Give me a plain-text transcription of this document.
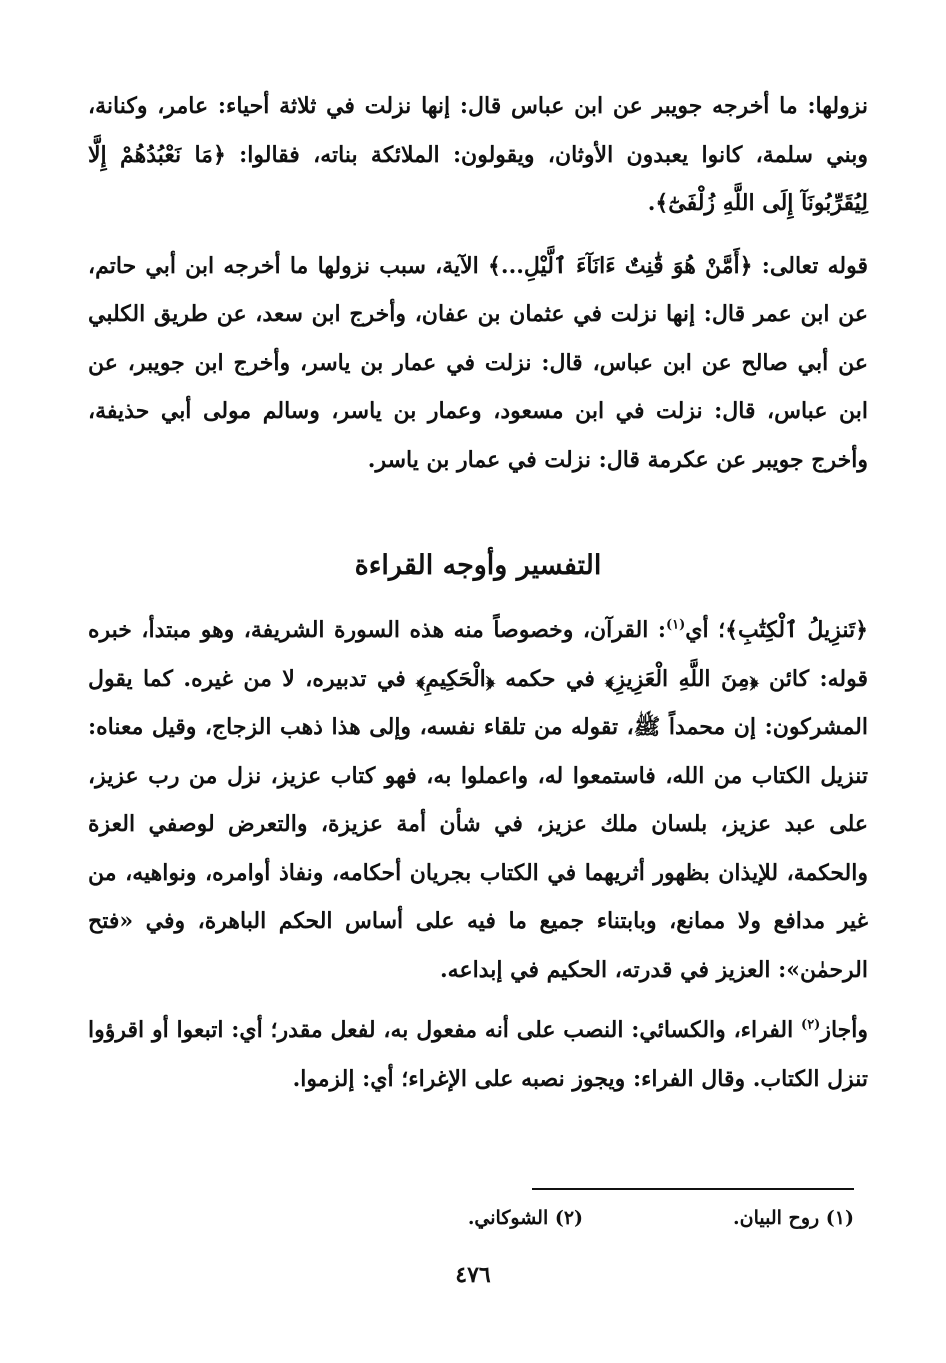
نزولها: ما أخرجه جويبر عن ابن عباس قال: إنها نزلت في ثلاثة أحياء: عامر، وكنانة، وبني سلمة، كانوا يعبدون الأوثان، ويقولون: الملائكة بناته، فقالوا: ﴿مَا نَعْبُدُهُمْ إِلَّا لِيُقَرِّبُونَآ إِلَى اللَّهِ زُلْفَىٰٓ﴾.

قوله تعالى: ﴿أَمَّنْ هُوَ قَٰنِتٌ ءَانَآءَ ٱلَّيْلِ...﴾ الآية، سبب نزولها ما أخرجه ابن أبي حاتم، عن ابن عمر قال: إنها نزلت في عثمان بن عفان، وأخرج ابن سعد، عن طريق الكلبي عن أبي صالح عن ابن عباس، قال: نزلت في عمار بن ياسر، وأخرج ابن جويبر، عن ابن عباس، قال: نزلت في ابن مسعود، وعمار بن ياسر، وسالم مولى أبي حذيفة، وأخرج جويبر عن عكرمة قال: نزلت في عمار بن ياسر.

التفسير وأوجه القراءة

﴿تَنزِيلُ ٱلْكِتَٰبِ﴾؛ أي$^{(١)}$: القرآن، وخصوصاً منه هذه السورة الشريفة، وهو مبتدأ، خبره قوله: كائن ﴿مِنَ اللَّهِ الْعَزِيزِ﴾ في حكمه ﴿الْحَكِيمِ﴾ في تدبيره، لا من غيره. كما يقول المشركون: إن محمداً ﷺ، تقوله من تلقاء نفسه، وإلى هذا ذهب الزجاج، وقيل معناه: تنزيل الكتاب من الله، فاستمعوا له، واعملوا به، فهو كتاب عزيز، نزل من رب عزيز، على عبد عزيز، بلسان ملك عزيز، في شأن أمة عزيزة، والتعرض لوصفي العزة والحكمة، للإيذان بظهور أثريهما في الكتاب بجريان أحكامه، ونفاذ أوامره، ونواهيه، من غير مدافع ولا ممانع، وبابتناء جميع ما فيه على أساس الحكم الباهرة، وفي «فتح الرحمٰن»: العزيز في قدرته، الحكيم في إبداعه.

وأجاز$^{(٢)}$ الفراء، والكسائي: النصب على أنه مفعول به، لفعل مقدر؛ أي: اتبعوا أو اقرؤوا تنزل الكتاب. وقال الفراء: ويجوز نصبه على الإغراء؛ أي: إلزموا.

(١) روح البيان.
(٢) الشوكاني.
٤٧٦
